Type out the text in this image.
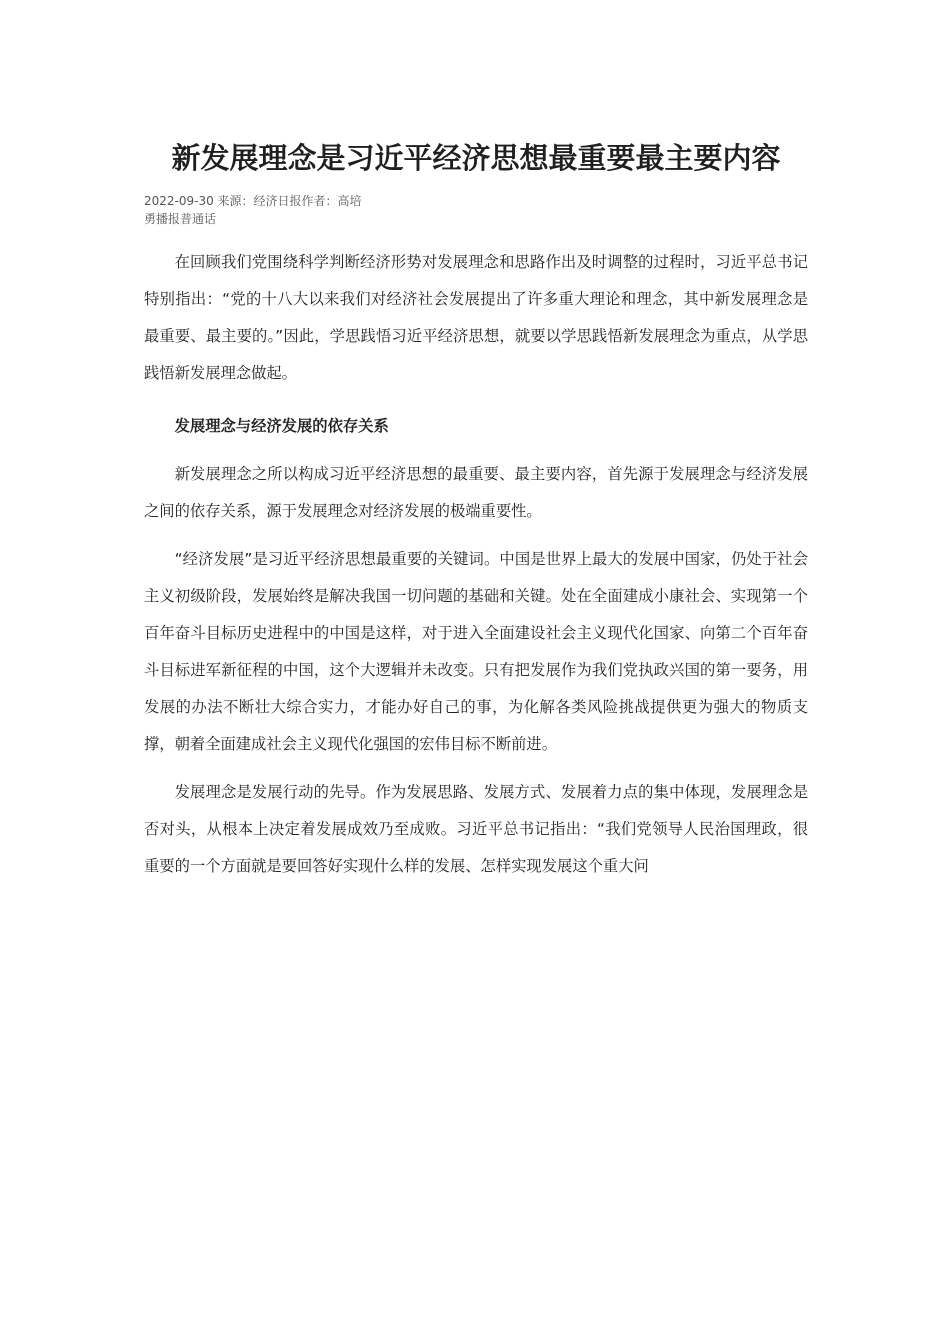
新发展理念是习近平经济思想最重要最主要内容
2022-09-30 来源：经济日报作者：高培
勇播报普通话

在回顾我们党围绕科学判断经济形势对发展理念和思路作出及时调整的过程时，习近平总书记特别指出：“党的十八大以来我们对经济社会发展提出了许多重大理论和理念，其中新发展理念是最重要、最主要的。”因此，学思践悟习近平经济思想，就要以学思践悟新发展理念为重点，从学思践悟新发展理念做起。

发展理念与经济发展的依存关系

新发展理念之所以构成习近平经济思想的最重要、最主要内容，首先源于发展理念与经济发展之间的依存关系，源于发展理念对经济发展的极端重要性。

“经济发展”是习近平经济思想最重要的关键词。中国是世界上最大的发展中国家，仍处于社会主义初级阶段，发展始终是解决我国一切问题的基础和关键。处在全面建成小康社会、实现第一个百年奋斗目标历史进程中的中国是这样，对于进入全面建设社会主义现代化国家、向第二个百年奋斗目标进军新征程的中国，这个大逻辑并未改变。只有把发展作为我们党执政兴国的第一要务，用发展的办法不断壮大综合实力，才能办好自己的事，为化解各类风险挑战提供更为强大的物质支撑，朝着全面建成社会主义现代化强国的宏伟目标不断前进。

发展理念是发展行动的先导。作为发展思路、发展方式、发展着力点的集中体现，发展理念是否对头，从根本上决定着发展成效乃至成败。习近平总书记指出：“我们党领导人民治国理政，很重要的一个方面就是要回答好实现什么样的发展、怎样实现发展这个重大问
